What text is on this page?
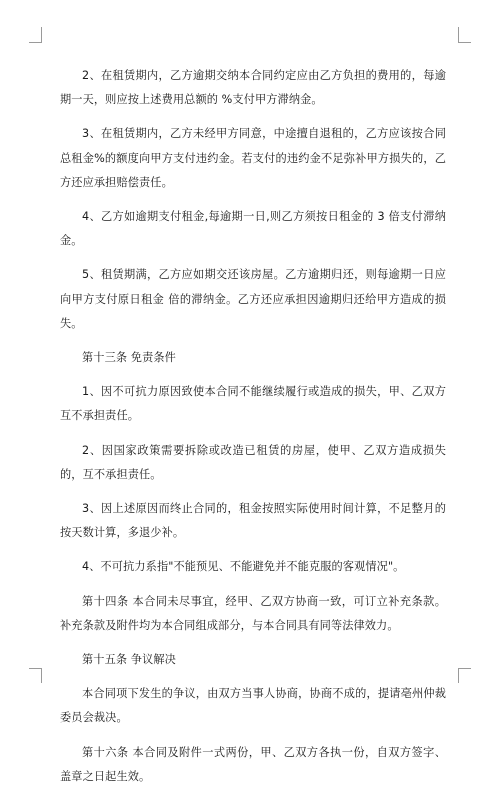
2、在租赁期内，乙方逾期交纳本合同约定应由乙方负担的费用的，每逾期一天，则应按上述费用总额的 %支付甲方滞纳金。

3、在租赁期内，乙方未经甲方同意，中途擅自退租的，乙方应该按合同总租金%的额度向甲方支付违约金。若支付的违约金不足弥补甲方损失的，乙方还应承担赔偿责任。

4、乙方如逾期支付租金,每逾期一日,则乙方须按日租金的 3 倍支付滞纳金。

5、租赁期满，乙方应如期交还该房屋。乙方逾期归还，则每逾期一日应向甲方支付原日租金 倍的滞纳金。乙方还应承担因逾期归还给甲方造成的损失。

第十三条 免责条件

1、因不可抗力原因致使本合同不能继续履行或造成的损失，甲、乙双方互不承担责任。

2、因国家政策需要拆除或改造已租赁的房屋，使甲、乙双方造成损失的，互不承担责任。

3、因上述原因而终止合同的，租金按照实际使用时间计算，不足整月的按天数计算，多退少补。

4、不可抗力系指"不能预见、不能避免并不能克服的客观情况"。

第十四条 本合同未尽事宜，经甲、乙双方协商一致，可订立补充条款。补充条款及附件均为本合同组成部分，与本合同具有同等法律效力。

第十五条 争议解决

本合同项下发生的争议，由双方当事人协商，协商不成的，提请亳州仲裁委员会裁决。

第十六条 本合同及附件一式两份，甲、乙双方各执一份，自双方签字、盖章之日起生效。
